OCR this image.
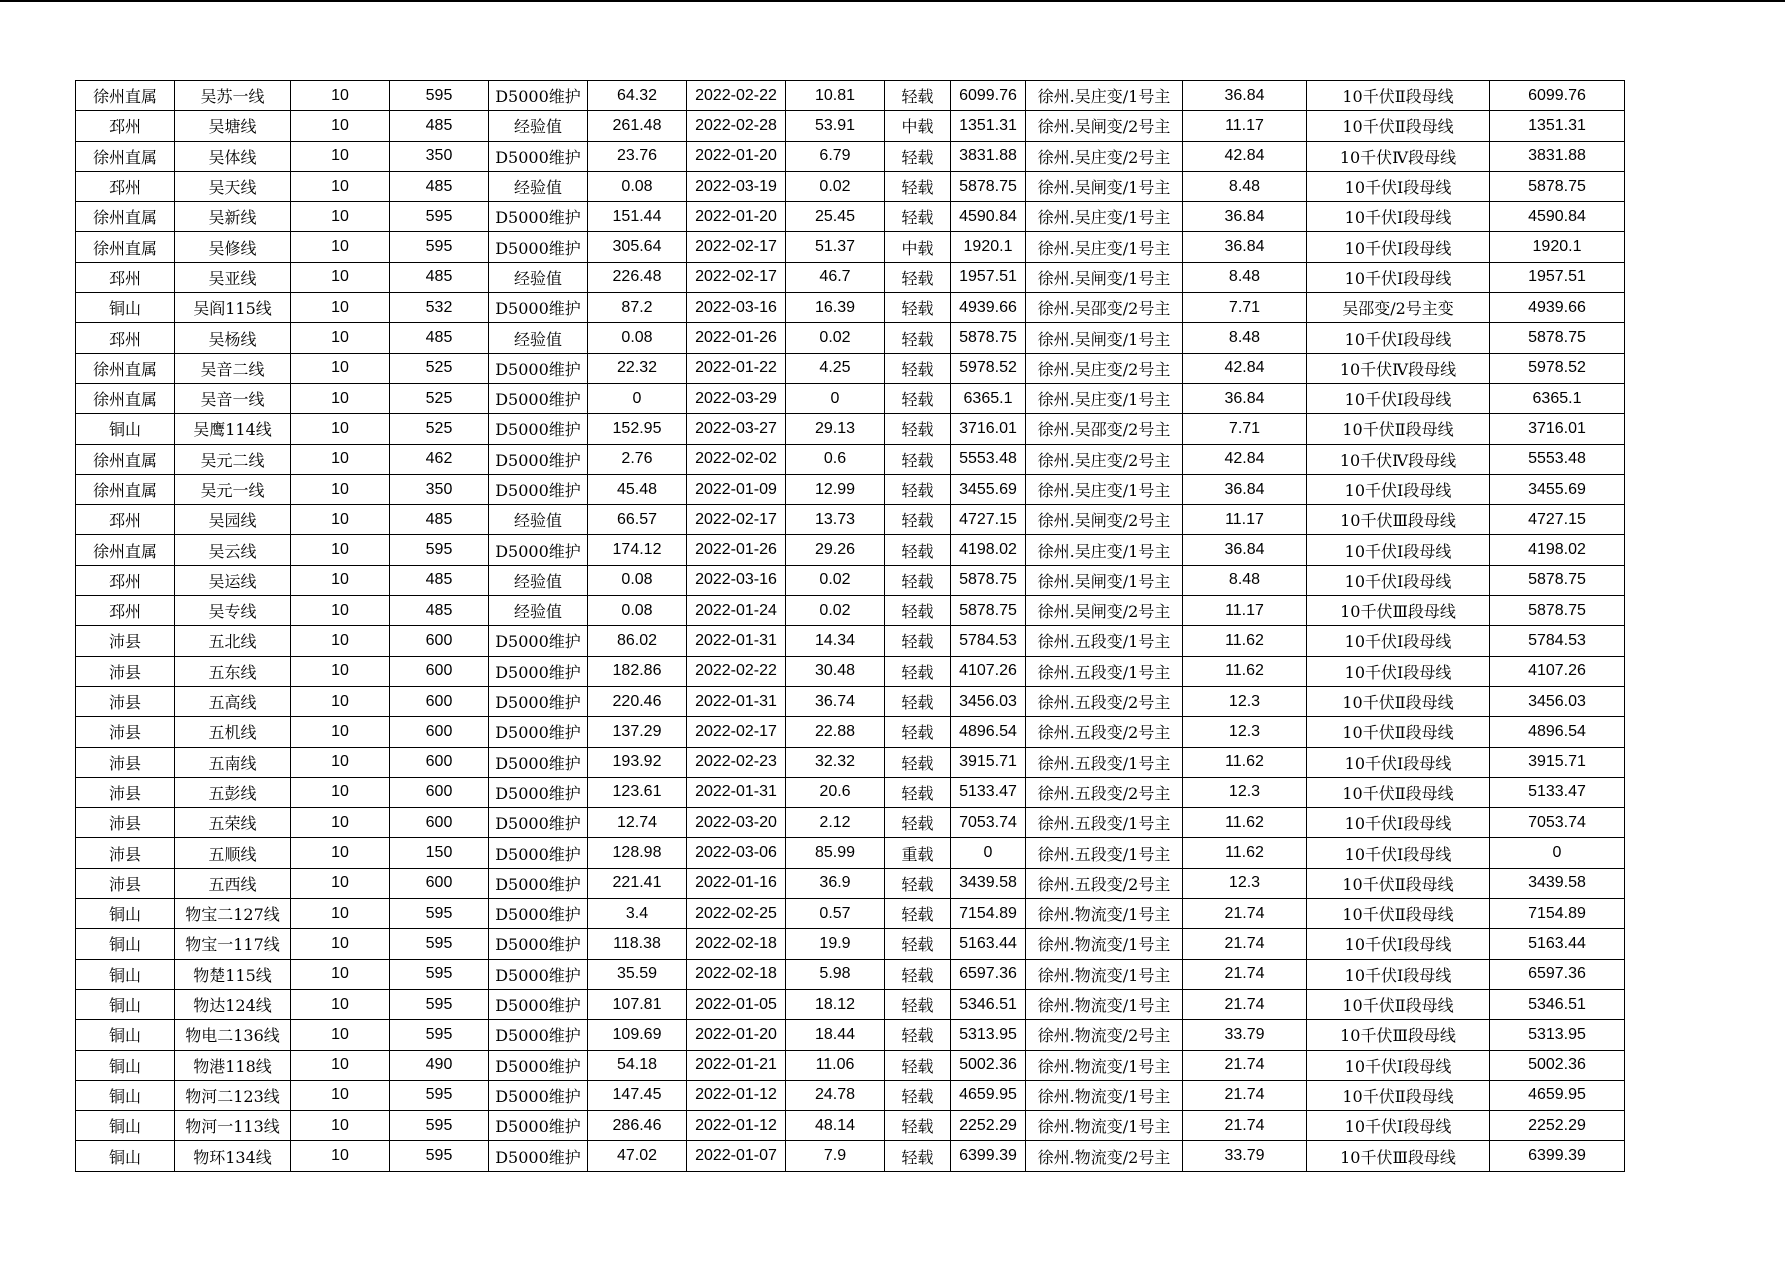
徐州直属	吴苏一线	10	595	D5000维护	64.32	2022-02-22	10.81	轻载	6099.76	徐州.吴庄变/1号主	36.84	10千伏Ⅱ段母线	6099.76
邳州	吴塘线	10	485	经验值	261.48	2022-02-28	53.91	中载	1351.31	徐州.吴闸变/2号主	11.17	10千伏Ⅱ段母线	1351.31
徐州直属	吴体线	10	350	D5000维护	23.76	2022-01-20	6.79	轻载	3831.88	徐州.吴庄变/2号主	42.84	10千伏Ⅳ段母线	3831.88
邳州	吴天线	10	485	经验值	0.08	2022-03-19	0.02	轻载	5878.75	徐州.吴闸变/1号主	8.48	10千伏Ⅰ段母线	5878.75
徐州直属	吴新线	10	595	D5000维护	151.44	2022-01-20	25.45	轻载	4590.84	徐州.吴庄变/1号主	36.84	10千伏Ⅰ段母线	4590.84
徐州直属	吴修线	10	595	D5000维护	305.64	2022-02-17	51.37	中载	1920.1	徐州.吴庄变/1号主	36.84	10千伏Ⅰ段母线	1920.1
邳州	吴亚线	10	485	经验值	226.48	2022-02-17	46.7	轻载	1957.51	徐州.吴闸变/1号主	8.48	10千伏Ⅰ段母线	1957.51
铜山	吴阎115线	10	532	D5000维护	87.2	2022-03-16	16.39	轻载	4939.66	徐州.吴邵变/2号主	7.71	吴邵变/2号主变	4939.66
邳州	吴杨线	10	485	经验值	0.08	2022-01-26	0.02	轻载	5878.75	徐州.吴闸变/1号主	8.48	10千伏Ⅰ段母线	5878.75
徐州直属	吴音二线	10	525	D5000维护	22.32	2022-01-22	4.25	轻载	5978.52	徐州.吴庄变/2号主	42.84	10千伏Ⅳ段母线	5978.52
徐州直属	吴音一线	10	525	D5000维护	0	2022-03-29	0	轻载	6365.1	徐州.吴庄变/1号主	36.84	10千伏Ⅰ段母线	6365.1
铜山	吴鹰114线	10	525	D5000维护	152.95	2022-03-27	29.13	轻载	3716.01	徐州.吴邵变/2号主	7.71	10千伏Ⅱ段母线	3716.01
徐州直属	吴元二线	10	462	D5000维护	2.76	2022-02-02	0.6	轻载	5553.48	徐州.吴庄变/2号主	42.84	10千伏Ⅳ段母线	5553.48
徐州直属	吴元一线	10	350	D5000维护	45.48	2022-01-09	12.99	轻载	3455.69	徐州.吴庄变/1号主	36.84	10千伏Ⅰ段母线	3455.69
邳州	吴园线	10	485	经验值	66.57	2022-02-17	13.73	轻载	4727.15	徐州.吴闸变/2号主	11.17	10千伏Ⅲ段母线	4727.15
徐州直属	吴云线	10	595	D5000维护	174.12	2022-01-26	29.26	轻载	4198.02	徐州.吴庄变/1号主	36.84	10千伏Ⅰ段母线	4198.02
邳州	吴运线	10	485	经验值	0.08	2022-03-16	0.02	轻载	5878.75	徐州.吴闸变/1号主	8.48	10千伏Ⅰ段母线	5878.75
邳州	吴专线	10	485	经验值	0.08	2022-01-24	0.02	轻载	5878.75	徐州.吴闸变/2号主	11.17	10千伏Ⅲ段母线	5878.75
沛县	五北线	10	600	D5000维护	86.02	2022-01-31	14.34	轻载	5784.53	徐州.五段变/1号主	11.62	10千伏Ⅰ段母线	5784.53
沛县	五东线	10	600	D5000维护	182.86	2022-02-22	30.48	轻载	4107.26	徐州.五段变/1号主	11.62	10千伏Ⅰ段母线	4107.26
沛县	五高线	10	600	D5000维护	220.46	2022-01-31	36.74	轻载	3456.03	徐州.五段变/2号主	12.3	10千伏Ⅱ段母线	3456.03
沛县	五机线	10	600	D5000维护	137.29	2022-02-17	22.88	轻载	4896.54	徐州.五段变/2号主	12.3	10千伏Ⅱ段母线	4896.54
沛县	五南线	10	600	D5000维护	193.92	2022-02-23	32.32	轻载	3915.71	徐州.五段变/1号主	11.62	10千伏Ⅰ段母线	3915.71
沛县	五彭线	10	600	D5000维护	123.61	2022-01-31	20.6	轻载	5133.47	徐州.五段变/2号主	12.3	10千伏Ⅱ段母线	5133.47
沛县	五荣线	10	600	D5000维护	12.74	2022-03-20	2.12	轻载	7053.74	徐州.五段变/1号主	11.62	10千伏Ⅰ段母线	7053.74
沛县	五顺线	10	150	D5000维护	128.98	2022-03-06	85.99	重载	0	徐州.五段变/1号主	11.62	10千伏Ⅰ段母线	0
沛县	五西线	10	600	D5000维护	221.41	2022-01-16	36.9	轻载	3439.58	徐州.五段变/2号主	12.3	10千伏Ⅱ段母线	3439.58
铜山	物宝二127线	10	595	D5000维护	3.4	2022-02-25	0.57	轻载	7154.89	徐州.物流变/1号主	21.74	10千伏Ⅱ段母线	7154.89
铜山	物宝一117线	10	595	D5000维护	118.38	2022-02-18	19.9	轻载	5163.44	徐州.物流变/1号主	21.74	10千伏Ⅰ段母线	5163.44
铜山	物楚115线	10	595	D5000维护	35.59	2022-02-18	5.98	轻载	6597.36	徐州.物流变/1号主	21.74	10千伏Ⅰ段母线	6597.36
铜山	物达124线	10	595	D5000维护	107.81	2022-01-05	18.12	轻载	5346.51	徐州.物流变/1号主	21.74	10千伏Ⅱ段母线	5346.51
铜山	物电二136线	10	595	D5000维护	109.69	2022-01-20	18.44	轻载	5313.95	徐州.物流变/2号主	33.79	10千伏Ⅲ段母线	5313.95
铜山	物港118线	10	490	D5000维护	54.18	2022-01-21	11.06	轻载	5002.36	徐州.物流变/1号主	21.74	10千伏Ⅰ段母线	5002.36
铜山	物河二123线	10	595	D5000维护	147.45	2022-01-12	24.78	轻载	4659.95	徐州.物流变/1号主	21.74	10千伏Ⅱ段母线	4659.95
铜山	物河一113线	10	595	D5000维护	286.46	2022-01-12	48.14	轻载	2252.29	徐州.物流变/1号主	21.74	10千伏Ⅰ段母线	2252.29
铜山	物环134线	10	595	D5000维护	47.02	2022-01-07	7.9	轻载	6399.39	徐州.物流变/2号主	33.79	10千伏Ⅲ段母线	6399.39
